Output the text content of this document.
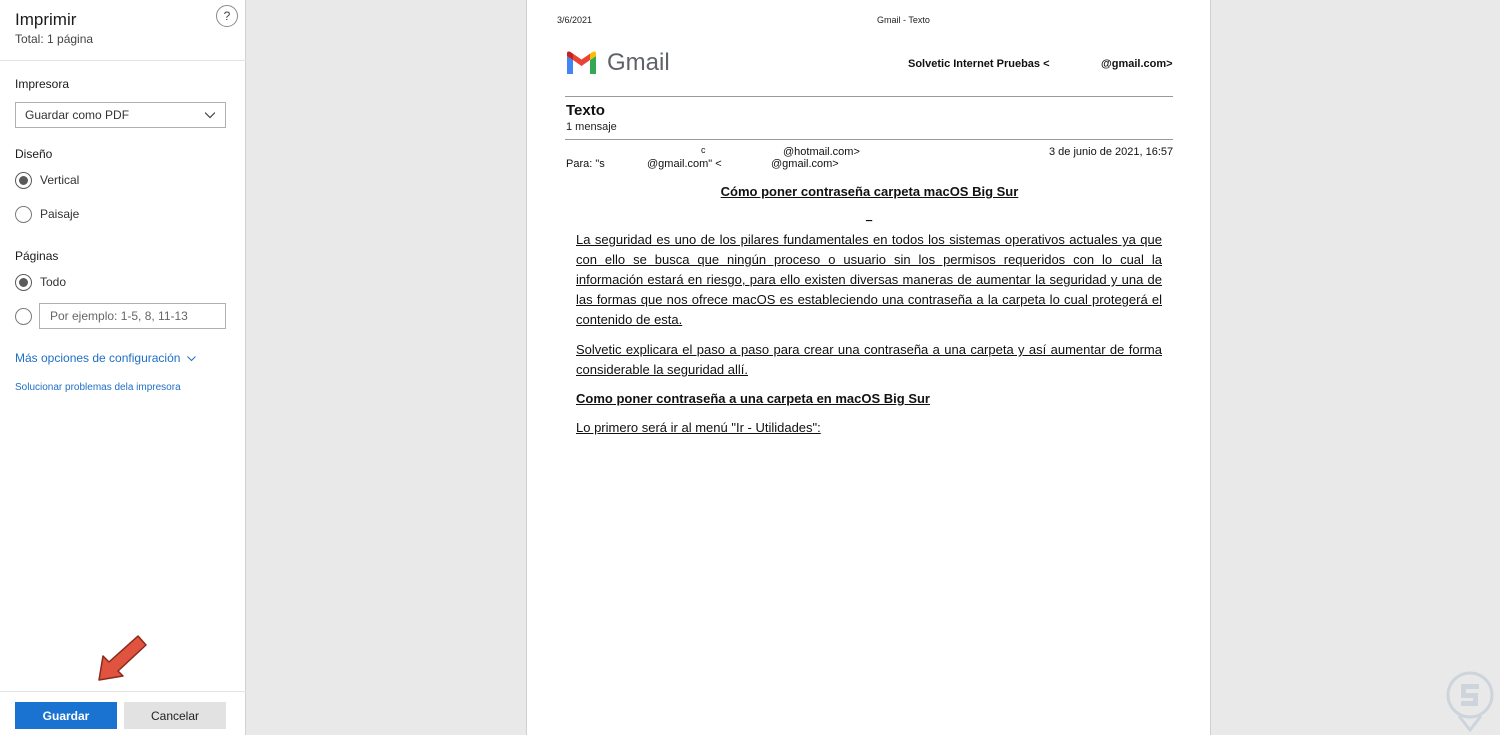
Imprimir
Total: 1 página
?
Impresora
Guardar como PDF
Diseño
Vertical
Paisaje
Páginas
Todo
Por ejemplo: 1-5, 8, 11-13
Más opciones de configuración
Solucionar problemas dela impresora
Guardar	Cancelar
3/6/2021	Gmail - Texto
Gmail	Solvetic Internet Pruebas <	@gmail.com>
Texto
1 mensaje
c	@hotmail.com>	3 de junio de 2021, 16:57
Para: "s	@gmail.com" <	@gmail.com>
Cómo poner contraseña carpeta macOS Big Sur
_
La seguridad es uno de los pilares fundamentales en todos los sistemas operativos actuales ya que con ello se busca que ningún proceso o usuario sin los permisos requeridos con lo cual la información estará en riesgo, para ello existen diversas maneras de aumentar la seguridad y una de las formas que nos ofrece macOS es estableciendo una contraseña a la carpeta lo cual protegerá el contenido de esta.
Solvetic explicara el paso a paso para crear una contraseña a una carpeta y así aumentar de forma considerable la seguridad allí.
Como poner contraseña a una carpeta en macOS Big Sur
Lo primero será ir al menú "Ir - Utilidades":
